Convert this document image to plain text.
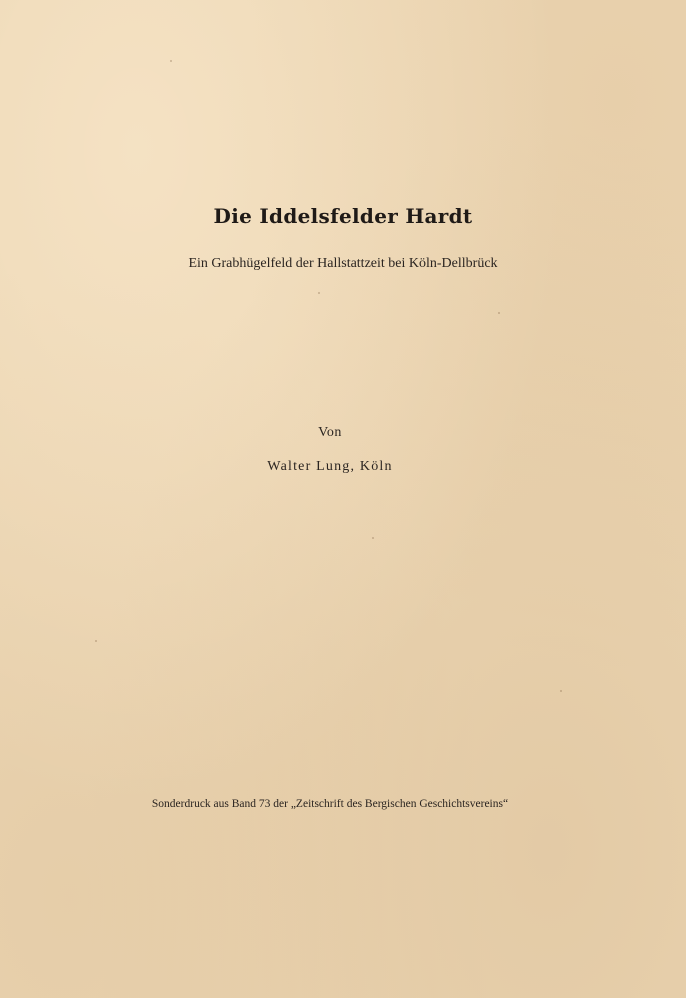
Die Iddelsfelder Hardt
Ein Grabhügelfeld der Hallstattzeit bei Köln-Dellbrück
Von
Walter Lung, Köln
Sonderdruck aus Band 73 der „Zeitschrift des Bergischen Geschichtsvereins“
